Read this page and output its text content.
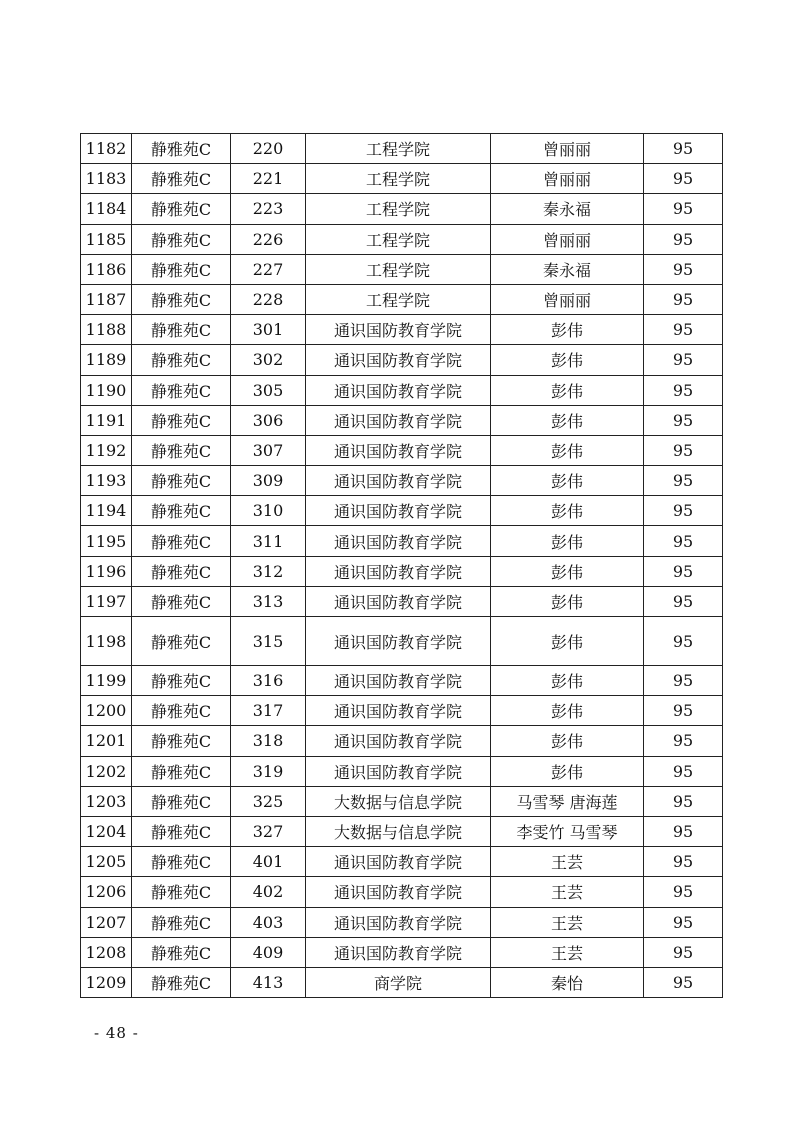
1182	静雅苑C	220	工程学院	曾丽丽	95
1183	静雅苑C	221	工程学院	曾丽丽	95
1184	静雅苑C	223	工程学院	秦永福	95
1185	静雅苑C	226	工程学院	曾丽丽	95
1186	静雅苑C	227	工程学院	秦永福	95
1187	静雅苑C	228	工程学院	曾丽丽	95
1188	静雅苑C	301	通识国防教育学院	彭伟	95
1189	静雅苑C	302	通识国防教育学院	彭伟	95
1190	静雅苑C	305	通识国防教育学院	彭伟	95
1191	静雅苑C	306	通识国防教育学院	彭伟	95
1192	静雅苑C	307	通识国防教育学院	彭伟	95
1193	静雅苑C	309	通识国防教育学院	彭伟	95
1194	静雅苑C	310	通识国防教育学院	彭伟	95
1195	静雅苑C	311	通识国防教育学院	彭伟	95
1196	静雅苑C	312	通识国防教育学院	彭伟	95
1197	静雅苑C	313	通识国防教育学院	彭伟	95
1198	静雅苑C	315	通识国防教育学院	彭伟	95
1199	静雅苑C	316	通识国防教育学院	彭伟	95
1200	静雅苑C	317	通识国防教育学院	彭伟	95
1201	静雅苑C	318	通识国防教育学院	彭伟	95
1202	静雅苑C	319	通识国防教育学院	彭伟	95
1203	静雅苑C	325	大数据与信息学院	马雪琴 唐海莲	95
1204	静雅苑C	327	大数据与信息学院	李雯竹 马雪琴	95
1205	静雅苑C	401	通识国防教育学院	王芸	95
1206	静雅苑C	402	通识国防教育学院	王芸	95
1207	静雅苑C	403	通识国防教育学院	王芸	95
1208	静雅苑C	409	通识国防教育学院	王芸	95
1209	静雅苑C	413	商学院	秦怡	95
- 48 -
